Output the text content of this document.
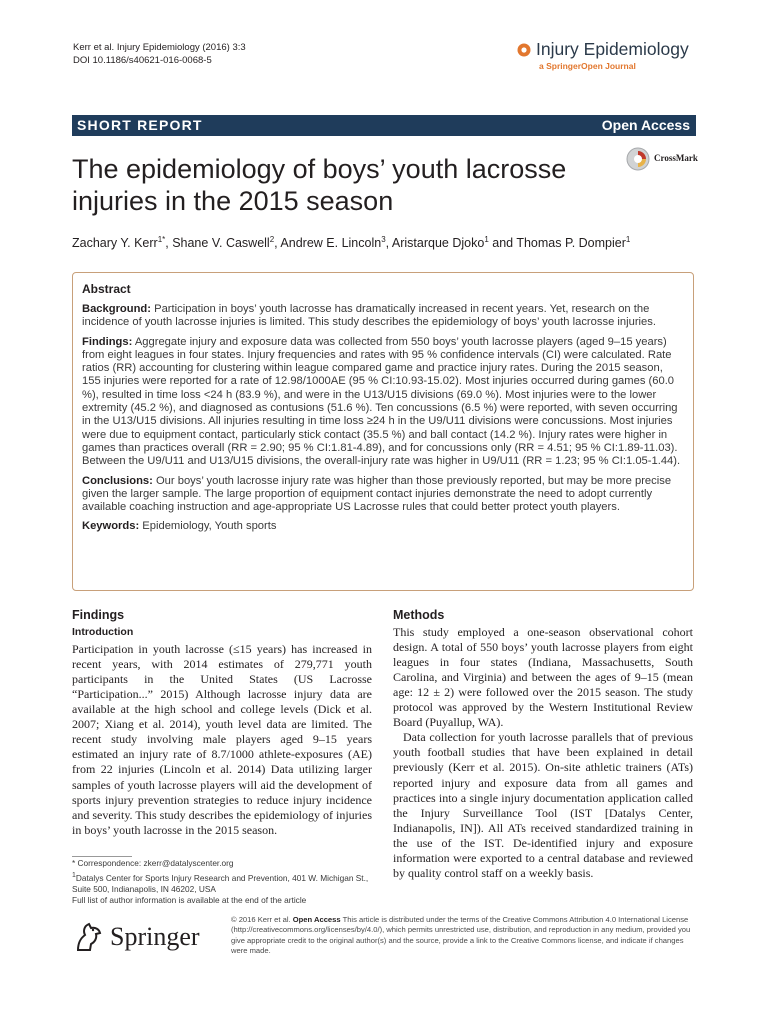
Kerr et al. Injury Epidemiology (2016) 3:3
DOI 10.1186/s40621-016-0068-5
Injury Epidemiology
a SpringerOpen Journal
SHORT REPORT	Open Access
The epidemiology of boys’ youth lacrosse injuries in the 2015 season
CrossMark
Zachary Y. Kerr$^{1*}$, Shane V. Caswell$^2$, Andrew E. Lincoln$^3$, Aristarque Djoko$^1$ and Thomas P. Dompier$^1$
Abstract

Background: Participation in boys’ youth lacrosse has dramatically increased in recent years. Yet, research on the incidence of youth lacrosse injuries is limited. This study describes the epidemiology of boys’ youth lacrosse injuries.

Findings: Aggregate injury and exposure data was collected from 550 boys’ youth lacrosse players (aged 9–15 years) from eight leagues in four states. Injury frequencies and rates with 95 % confidence intervals (CI) were calculated. Rate ratios (RR) accounting for clustering within league compared game and practice injury rates. During the 2015 season, 155 injuries were reported for a rate of 12.98/1000AE (95 % CI:10.93-15.02). Most injuries occurred during games (60.0 %), resulted in time loss <24 h (83.9 %), and were in the U13/U15 divisions (69.0 %). Most injuries were to the lower extremity (45.2 %), and diagnosed as contusions (51.6 %). Ten concussions (6.5 %) were reported, with seven occurring in the U13/U15 divisions. All injuries resulting in time loss ≥24 h in the U9/U11 divisions were concussions. Most injuries were due to equipment contact, particularly stick contact (35.5 %) and ball contact (14.2 %). Injury rates were higher in games than practices overall (RR = 2.90; 95 % CI:1.81-4.89), and for concussions only (RR = 4.51; 95 % CI:1.89-11.03). Between the U9/U11 and U13/U15 divisions, the overall-injury rate was higher in U9/U11 (RR = 1.23; 95 % CI:1.05-1.44).

Conclusions: Our boys’ youth lacrosse injury rate was higher than those previously reported, but may be more precise given the larger sample. The large proportion of equipment contact injuries demonstrate the need to adopt currently available coaching instruction and age-appropriate US Lacrosse rules that could better protect youth players.

Keywords: Epidemiology, Youth sports

Findings
Introduction

Participation in youth lacrosse (≤15 years) has increased in recent years, with 2014 estimates of 279,771 youth participants in the United States (US Lacrosse “Participation...” 2015) Although lacrosse injury data are available at the high school and college levels (Dick et al. 2007; Xiang et al. 2014), youth level data are limited. The recent study involving male players aged 9–15 years estimated an injury rate of 8.7/1000 athlete-exposures (AE) from 22 injuries (Lincoln et al. 2014) Data utilizing larger samples of youth lacrosse players will aid the development of sports injury prevention strategies to reduce injury incidence and severity. This study describes the epidemiology of injuries in boys’ youth lacrosse in the 2015 season.

Methods

This study employed a one-season observational cohort design. A total of 550 boys’ youth lacrosse players from eight leagues in four states (Indiana, Massachusetts, South Carolina, and Virginia) and between the ages of 9–15 (mean age: 12 ± 2) were followed over the 2015 season. The study protocol was approved by the Western Institutional Review Board (Puyallup, WA).

Data collection for youth lacrosse parallels that of previous youth football studies that have been explained in detail previously (Kerr et al. 2015). On-site athletic trainers (ATs) reported injury and exposure data from all games and practices into a single injury documentation application called the Injury Surveillance Tool (IST [Datalys Center, Indianapolis, IN]). All ATs received standardized training in the use of the IST. De-identified injury and exposure information were exported to a central database and reviewed by quality control staff on a weekly basis.

* Correspondence: zkerr@datalyscenter.org
$^1$Datalys Center for Sports Injury Research and Prevention, 401 W. Michigan St., Suite 500, Indianapolis, IN 46202, USA
Full list of author information is available at the end of the article
Springer
© 2016 Kerr et al. Open Access This article is distributed under the terms of the Creative Commons Attribution 4.0 International License (http://creativecommons.org/licenses/by/4.0/), which permits unrestricted use, distribution, and reproduction in any medium, provided you give appropriate credit to the original author(s) and the source, provide a link to the Creative Commons license, and indicate if changes were made.
